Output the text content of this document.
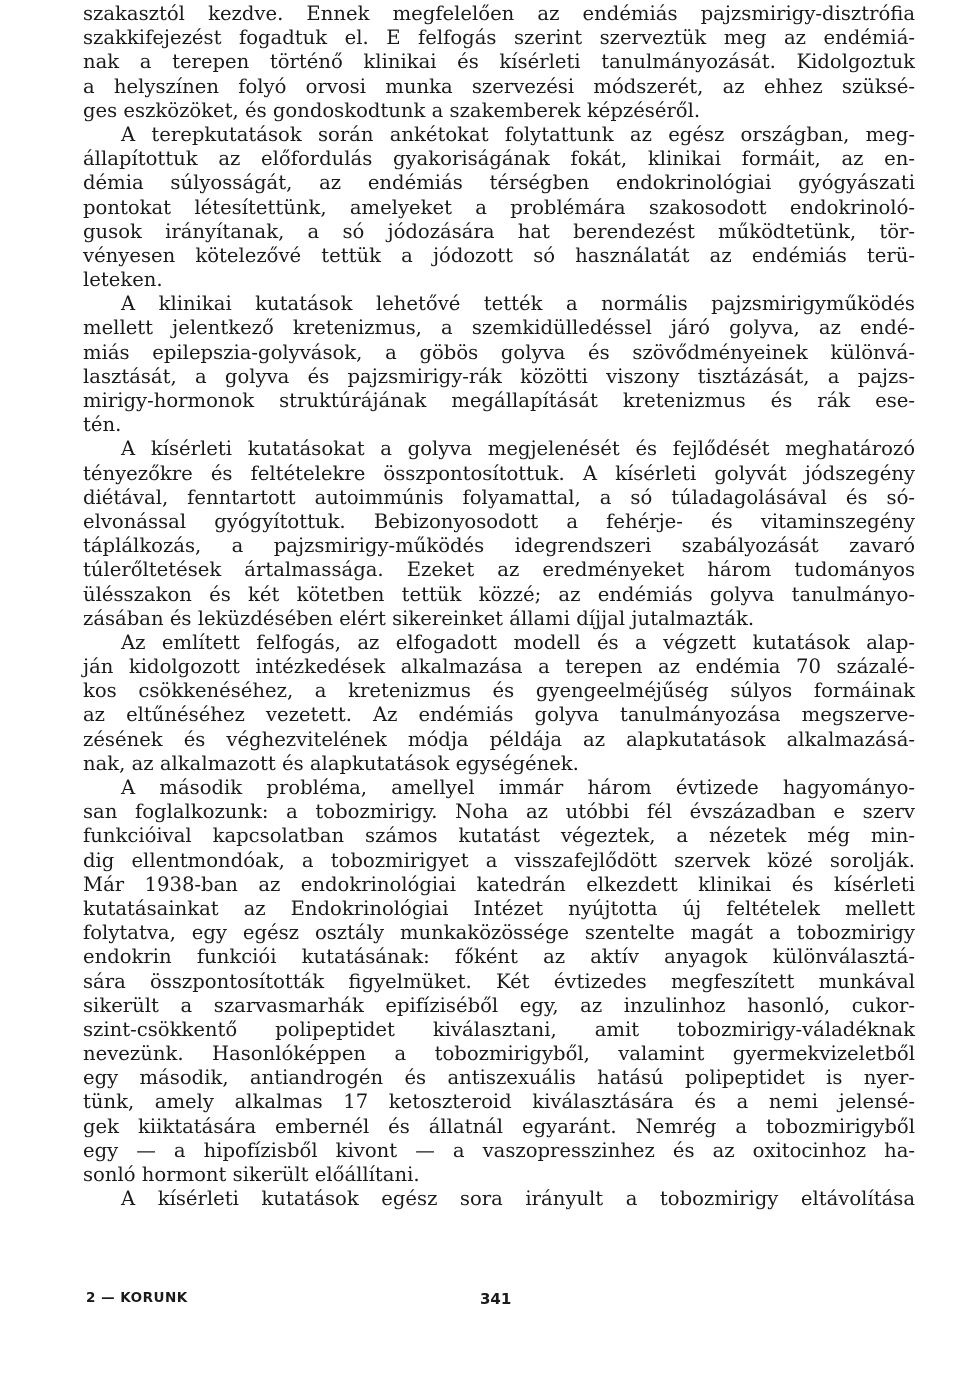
szakasztól kezdve. Ennek megfelelően az endémiás pajzsmirigy-disztrófia
szakkifejezést fogadtuk el. E felfogás szerint szerveztük meg az endémiá-
nak a terepen történő klinikai és kísérleti tanulmányozását. Kidolgoztuk
a helyszínen folyó orvosi munka szervezési módszerét, az ehhez szüksé-
ges eszközöket, és gondoskodtunk a szakemberek képzéséről.
A terepkutatások során ankétokat folytattunk az egész országban, meg-
állapítottuk az előfordulás gyakoriságának fokát, klinikai formáit, az en-
démia súlyosságát, az endémiás térségben endokrinológiai gyógyászati
pontokat létesítettünk, amelyeket a problémára szakosodott endokrinoló-
gusok irányítanak, a só jódozására hat berendezést működtetünk, tör-
vényesen kötelezővé tettük a jódozott só használatát az endémiás terü-
leteken.
A klinikai kutatások lehetővé tették a normális pajzsmirigyműködés
mellett jelentkező kretenizmus, a szemkidülledéssel járó golyva, az endé-
miás epilepszia-golyvások, a göbös golyva és szövődményeinek különvá-
lasztását, a golyva és pajzsmirigy-rák közötti viszony tisztázását, a pajzs-
mirigy-hormonok struktúrájának megállapítását kretenizmus és rák ese-
tén.
A kísérleti kutatásokat a golyva megjelenését és fejlődését meghatározó
tényezőkre és feltételekre összpontosítottuk. A kísérleti golyvát jódszegény
diétával, fenntartott autoimmúnis folyamattal, a só túladagolásával és só-
elvonással gyógyítottuk. Bebizonyosodott a fehérje- és vitaminszegény
táplálkozás, a pajzsmirigy-működés idegrendszeri szabályozását zavaró
túlerőltetések ártalmassága. Ezeket az eredményeket három tudományos
ülésszakon és két kötetben tettük közzé; az endémiás golyva tanulmányo-
zásában és leküzdésében elért sikereinket állami díjjal jutalmazták.
Az említett felfogás, az elfogadott modell és a végzett kutatások alap-
ján kidolgozott intézkedések alkalmazása a terepen az endémia 70 százalé-
kos csökkenéséhez, a kretenizmus és gyengeelméjűség súlyos formáinak
az eltűnéséhez vezetett. Az endémiás golyva tanulmányozása megszerve-
zésének és véghezvitelének módja példája az alapkutatások alkalmazásá-
nak, az alkalmazott és alapkutatások egységének.
A második probléma, amellyel immár három évtizede hagyományo-
san foglalkozunk: a tobozmirigy. Noha az utóbbi fél évszázadban e szerv
funkcióival kapcsolatban számos kutatást végeztek, a nézetek még min-
dig ellentmondóak, a tobozmirigyet a visszafejlődött szervek közé sorolják.
Már 1938-ban az endokrinológiai katedrán elkezdett klinikai és kísérleti
kutatásainkat az Endokrinológiai Intézet nyújtotta új feltételek mellett
folytatva, egy egész osztály munkaközössége szentelte magát a tobozmirigy
endokrin funkciói kutatásának: főként az aktív anyagok különválasztá-
sára összpontosították figyelmüket. Két évtizedes megfeszített munkával
sikerült a szarvasmarhák epifíziséből egy, az inzulinhoz hasonló, cukor-
szint-csökkentő polipeptidet kiválasztani, amit tobozmirigy-váladéknak
nevezünk. Hasonlóképpen a tobozmirigyből, valamint gyermekvizeletből
egy második, antiandrogén és antiszexuális hatású polipeptidet is nyer-
tünk, amely alkalmas 17 ketoszteroid kiválasztására és a nemi jelensé-
gek kiiktatására embernél és állatnál egyaránt. Nemrég a tobozmirigyből
egy — a hipofízisből kivont — a vaszopresszinhez és az oxitocinhoz ha-
sonló hormont sikerült előállítani.
A kísérleti kutatások egész sora irányult a tobozmirigy eltávolítása
2 — KORUNK	341
